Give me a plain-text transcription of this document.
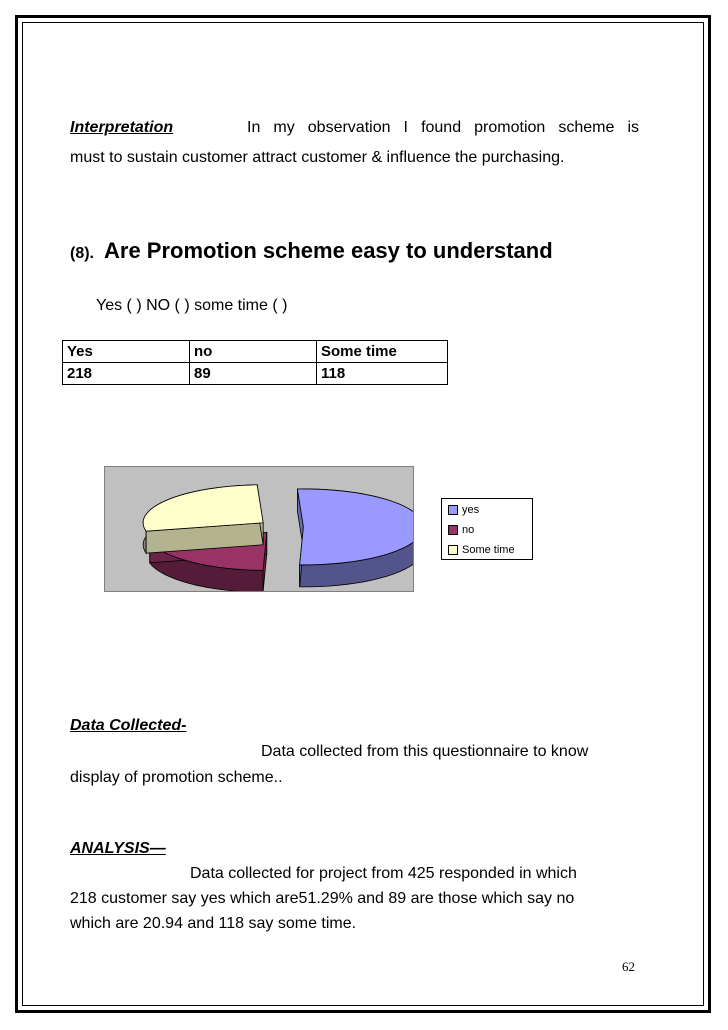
Interpretation	In my observation I found promotion scheme is
must to sustain customer attract customer & influence the purchasing.
(8). Are Promotion scheme easy to understand
Yes ( ) NO ( ) some time ( )
Yes	no	Some time
218	89	118
yes
no
Some time
Data Collected-
Data collected from this questionnaire to know
display of promotion scheme..
ANALYSIS—
Data collected for project from 425 responded in which
218 customer say yes which are51.29% and 89 are those which say no
which are 20.94 and 118 say some time.
62
